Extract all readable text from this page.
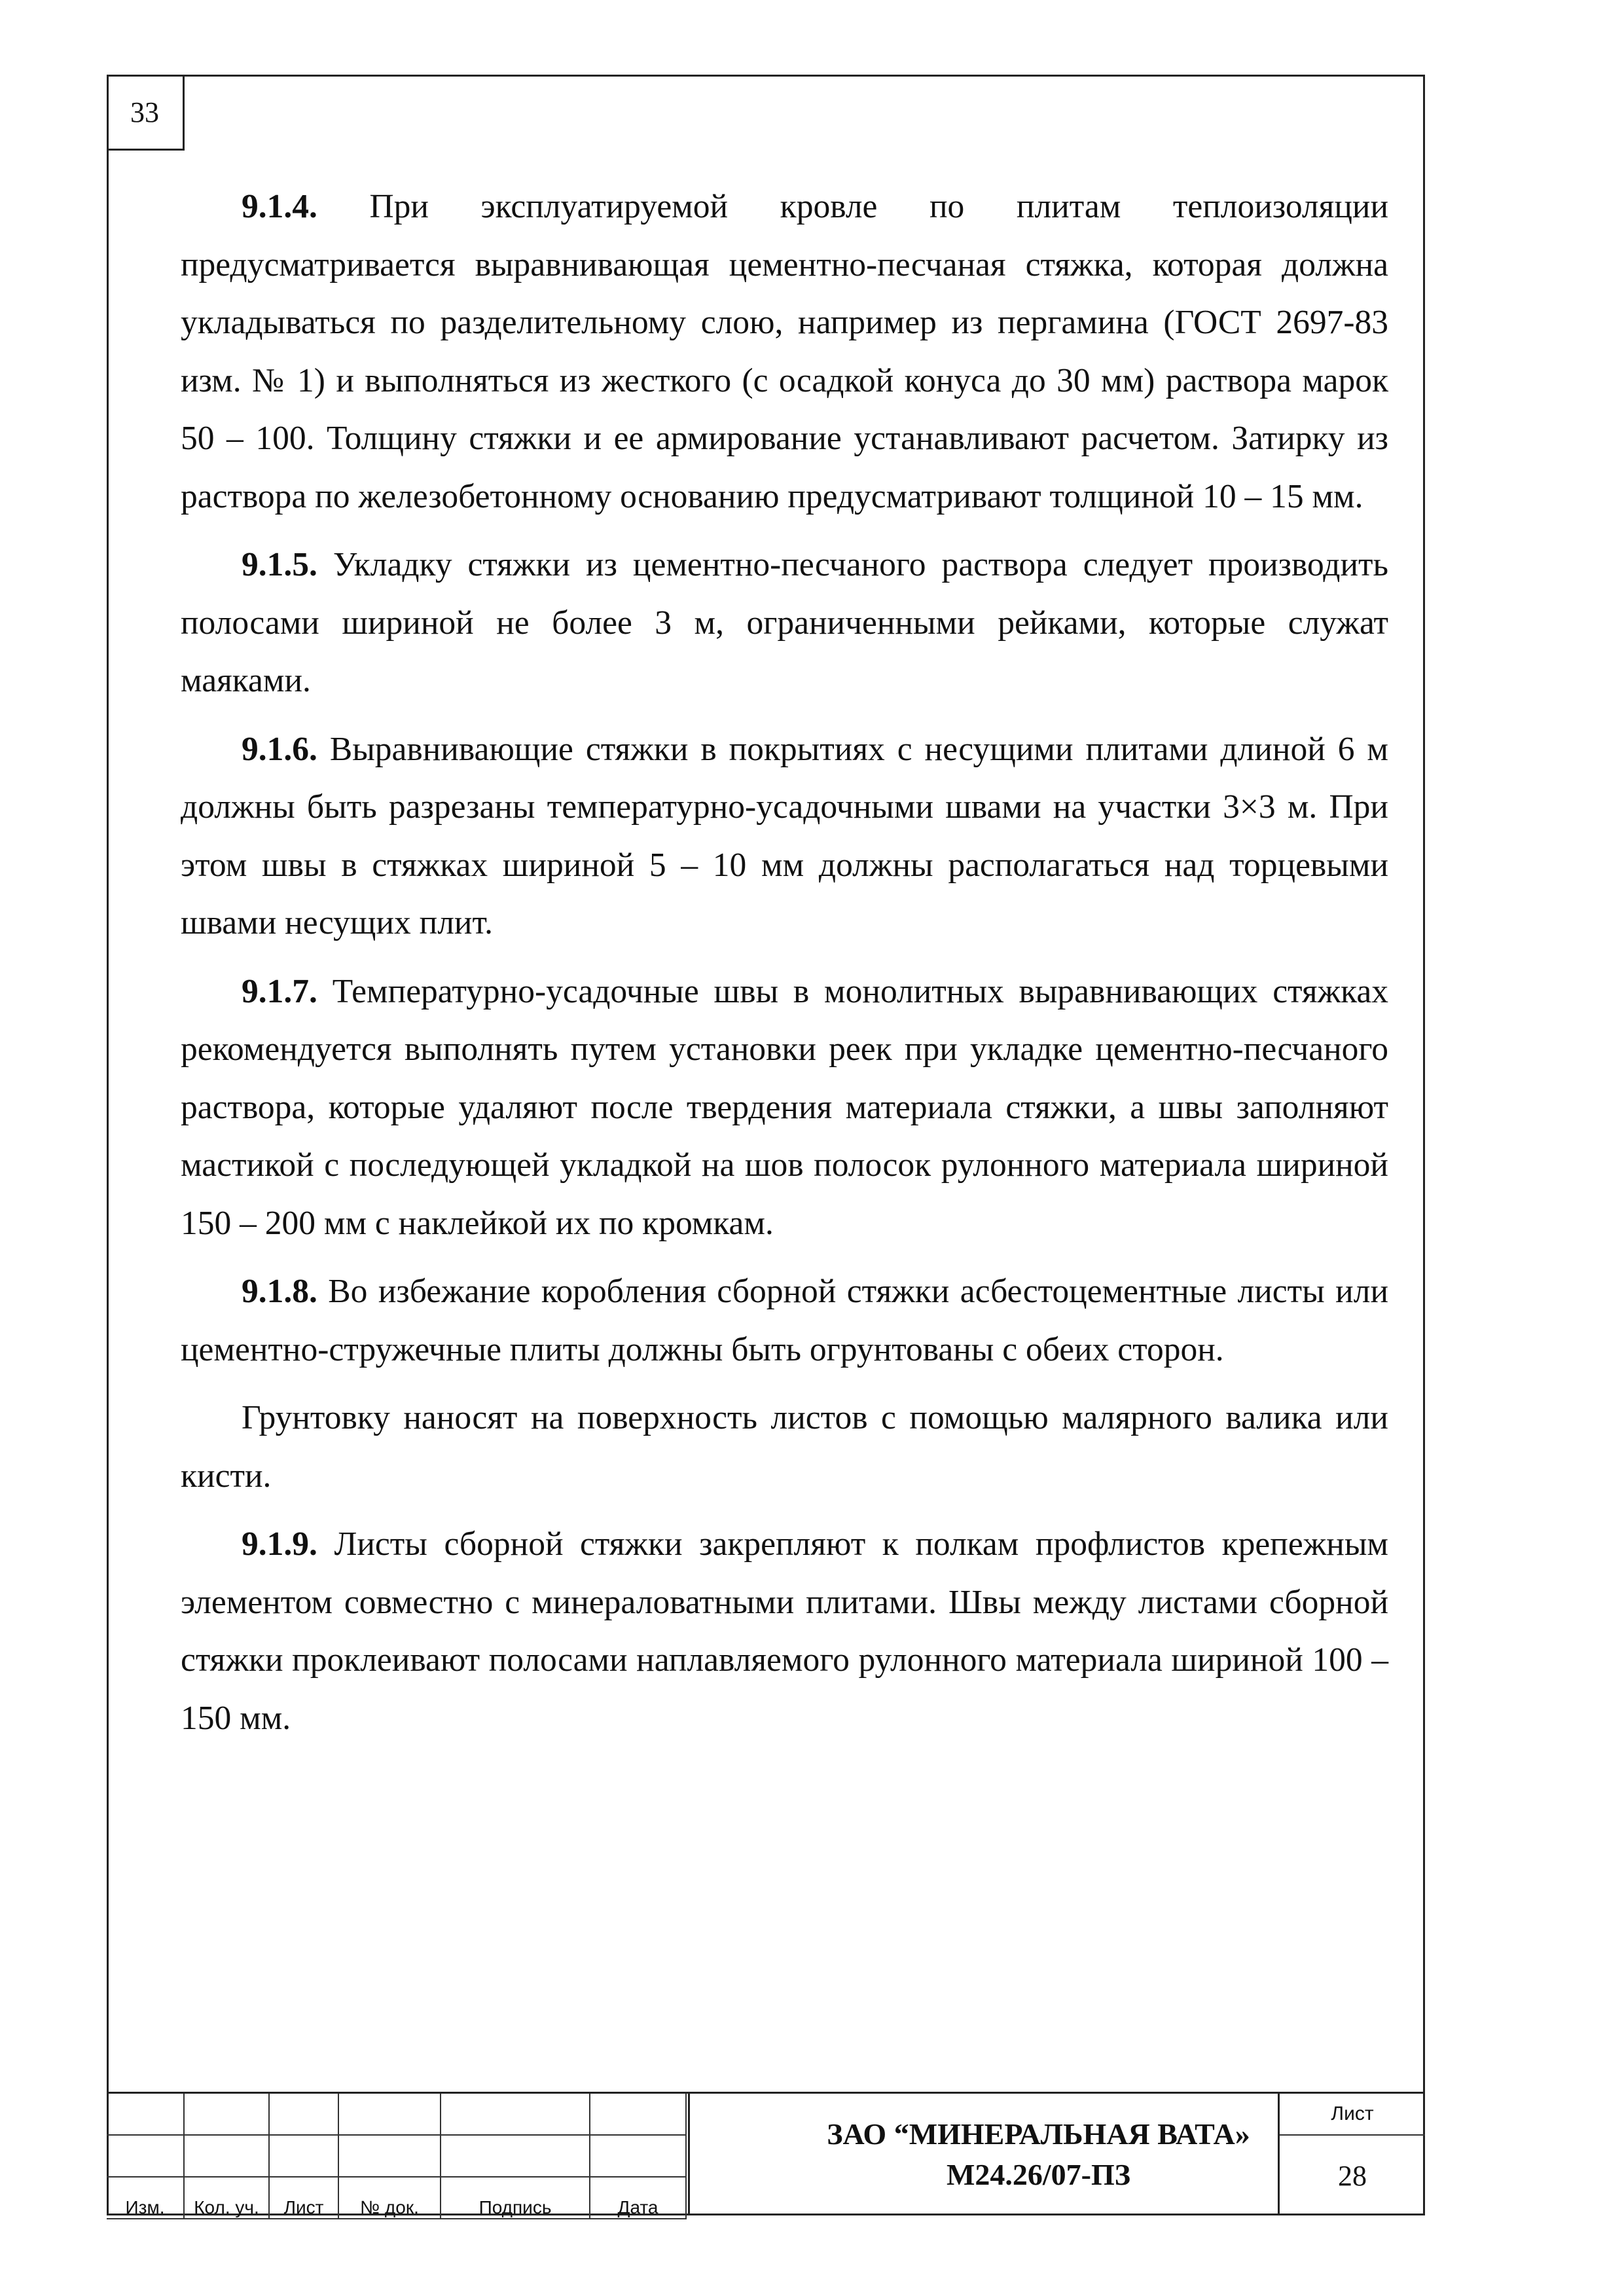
33

9.1.4. При эксплуатируемой кровле по плитам теплоизоляции предусматривается выравнивающая цементно-песчаная стяжка, которая должна укладываться по разделительному слою, например из пергамина (ГОСТ 2697-83 изм. № 1) и выполняться из жесткого (с осадкой конуса до 30 мм) раствора марок 50 – 100. Толщину стяжки и ее армирование устанавливают расчетом. Затирку из раствора по железобетонному основанию предусматривают толщиной 10 – 15 мм.

9.1.5. Укладку стяжки из цементно-песчаного раствора следует производить полосами шириной не более 3 м, ограниченными рейками, которые служат маяками.

9.1.6. Выравнивающие стяжки в покрытиях с несущими плитами длиной 6 м должны быть разрезаны температурно-усадочными швами на участки 3×3 м. При этом швы в стяжках шириной 5 – 10 мм должны располагаться над торцевыми швами несущих плит.

9.1.7. Температурно-усадочные швы в монолитных выравнивающих стяжках рекомендуется выполнять путем установки реек при укладке цементно-песчаного раствора, которые удаляют после твердения материала стяжки, а швы заполняют мастикой с последующей укладкой на шов полосок рулонного материала шириной 150 – 200 мм с наклейкой их по кромкам.

9.1.8. Во избежание коробления сборной стяжки асбестоцементные листы или цементно-стружечные плиты должны быть огрунтованы с обеих сторон.

Грунтовку наносят на поверхность листов с помощью малярного валика или кисти.

9.1.9. Листы сборной стяжки закрепляют к полкам профлистов крепежным элементом совместно с минераловатными плитами. Швы между листами сборной стяжки проклеивают полосами наплавляемого рулонного материала шириной 100 – 150 мм.

Изм.	Кол. уч.	Лист	№ док.	Подпись	Дата
ЗАО “МИНЕРАЛЬНАЯ ВАТА»
М24.26/07-ПЗ
Лист
28
